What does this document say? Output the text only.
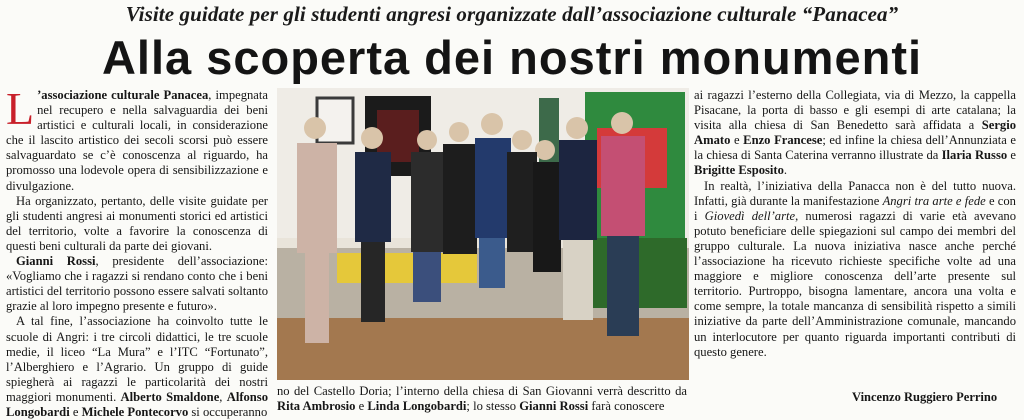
Visite guidate per gli studenti angresi organizzate dall’associazione culturale “Panacea”
Alla scoperta dei nostri monumenti

L ’associazione culturale Panacea, impegnata nel recupero e nella salvaguardia dei beni artistici e culturali locali, in considerazione che il lascito artistico dei secoli scorsi può essere salvaguardato se c’è conoscenza al riguardo, ha promosso una lodevole opera di sensibilizzazione e divulgazione.

Ha organizzato, pertanto, delle visite guidate per gli studenti angresi ai monumenti storici ed artistici del territorio, volte a favorire la conoscenza di questi beni culturali da parte dei giovani.

Gianni Rossi, presidente dell’associazione: «Vogliamo che i ragazzi si rendano conto che i beni artistici del territorio possono essere salvati soltanto grazie al loro impegno presente e futuro».

A tal fine, l’associazione ha coinvolto tutte le scuole di Angri: i tre circoli didattici, le tre scuole medie, il liceo “La Mura” e l’ITC “Fortunato”, l’Alberghiero e l’Agrario. Un gruppo di guide spiegherà ai ragazzi le particolarità dei nostri maggiori monumenti. Alberto Smaldone, Alfonso Longobardi e Michele Pontecorvo si occuperanno

no del Castello Doria; l’interno della chiesa di San Giovanni verrà descritto da Rita Ambrosio e Linda Longobardi; lo stesso Gianni Rossi farà conoscere

ai ragazzi l’esterno della Collegiata, via di Mezzo, la cappella Pisacane, la porta di basso e gli esempi di arte catalana; la visita alla chiesa di San Benedetto sarà affidata a Sergio Amato e Enzo Francese; ed infine la chiesa dell’Annunziata e la chiesa di Santa Caterina verranno illustrate da Ilaria Russo e Brigitte Esposito.

In realtà, l’iniziativa della Panacca non è del tutto nuova. Infatti, già durante la manifestazione Angri tra arte e fede e con i Giovedì dell’arte, numerosi ragazzi di varie età avevano potuto beneficiare delle spiegazioni sul campo dei membri del gruppo culturale. La nuova iniziativa nasce anche perché l’associazione ha ricevuto richieste specifiche volte ad una maggiore e migliore conoscenza dell’arte presente sul territorio. Purtroppo, bisogna lamentare, ancora una volta e come sempre, la totale mancanza di sensibilità rispetto a simili iniziative da parte dell’Amministrazione comunale, mancando un interlocutore per quanto riguarda importanti contributi di questo genere.

Vincenzo Ruggiero Perrino
